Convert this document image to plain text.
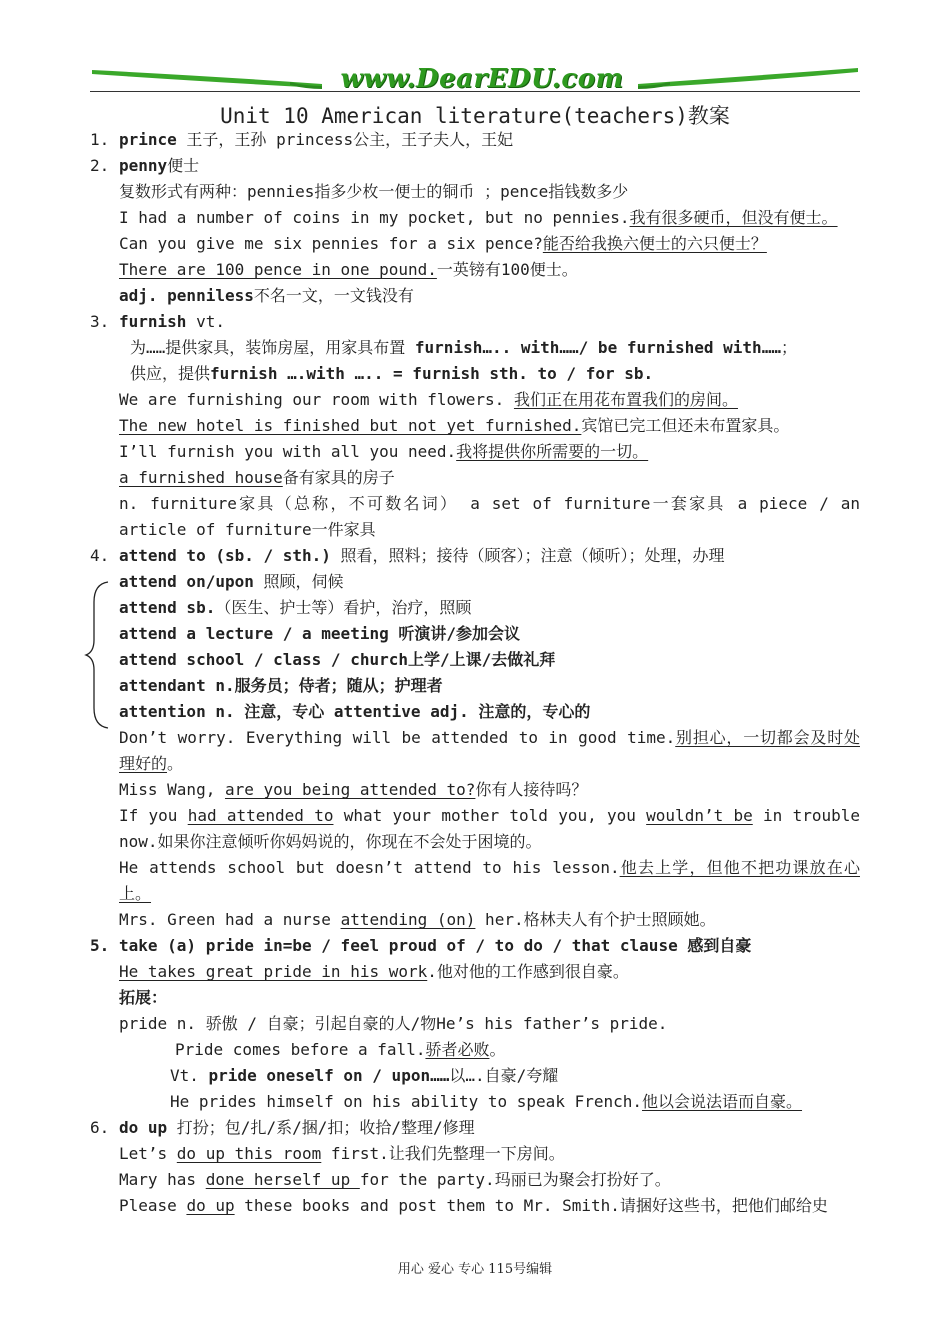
www.DearEDU.com
Unit 10 American literature(teachers)教案
1. prince 王子，王孙 princess公主，王子夫人，王妃
2. penny便士
复数形式有两种：pennies指多少枚一便士的铜币 ；pence指钱数多少
I had a number of coins in my pocket, but no pennies.我有很多硬币，但没有便士。
Can you give me six pennies for a six pence?能否给我换六便士的六只便士？
There are 100 pence in one pound.一英镑有100便士。
adj. penniless不名一文，一文钱没有
3. furnish vt.
为……提供家具，装饰房屋，用家具布置 furnish….. with……/ be furnished with……；
供应，提供furnish ….with ….. = furnish sth. to / for sb.
We are furnishing our room with flowers. 我们正在用花布置我们的房间。
The new hotel is finished but not yet furnished.宾馆已完工但还未布置家具。
I’ll furnish you with all you need.我将提供你所需要的一切。
a furnished house备有家具的房子
n. furniture家具（总称，不可数名词） a set of furniture一套家具 a piece / an article of furniture一件家具
4. attend to (sb. / sth.) 照看，照料；接待（顾客）；注意（倾听）；处理，办理
attend on/upon 照顾，伺候
attend sb.（医生、护士等）看护，治疗，照顾
attend a lecture / a meeting 听演讲/参加会议
attend school / class / church上学/上课/去做礼拜
attendant n.服务员；侍者；随从；护理者
attention n. 注意，专心 attentive adj. 注意的，专心的
Don’t worry. Everything will be attended to in good time.别担心，一切都会及时处理好的。
Miss Wang, are you being attended to?你有人接待吗？
If you had attended to what your mother told you, you wouldn’t be in trouble now.如果你注意倾听你妈妈说的，你现在不会处于困境的。
He attends school but doesn’t attend to his lesson.他去上学，但他不把功课放在心上。
Mrs. Green had a nurse attending (on) her.格林夫人有个护士照顾她。
5. take (a) pride in=be / feel proud of / to do / that clause 感到自豪
He takes great pride in his work.他对他的工作感到很自豪。
拓展：
pride n. 骄傲 / 自豪；引起自豪的人/物He’s his father’s pride.
Pride comes before a fall.骄者必败。
Vt. pride oneself on / upon……以….自豪/夸耀
He prides himself on his ability to speak French.他以会说法语而自豪。
6. do up 打扮；包/扎/系/捆/扣；收拾/整理/修理
Let’s do up this room first.让我们先整理一下房间。
Mary has done herself up for the party.玛丽已为聚会打扮好了。
Please do up these books and post them to Mr. Smith.请捆好这些书，把他们邮给史
用心 爱心 专心 115号编辑
